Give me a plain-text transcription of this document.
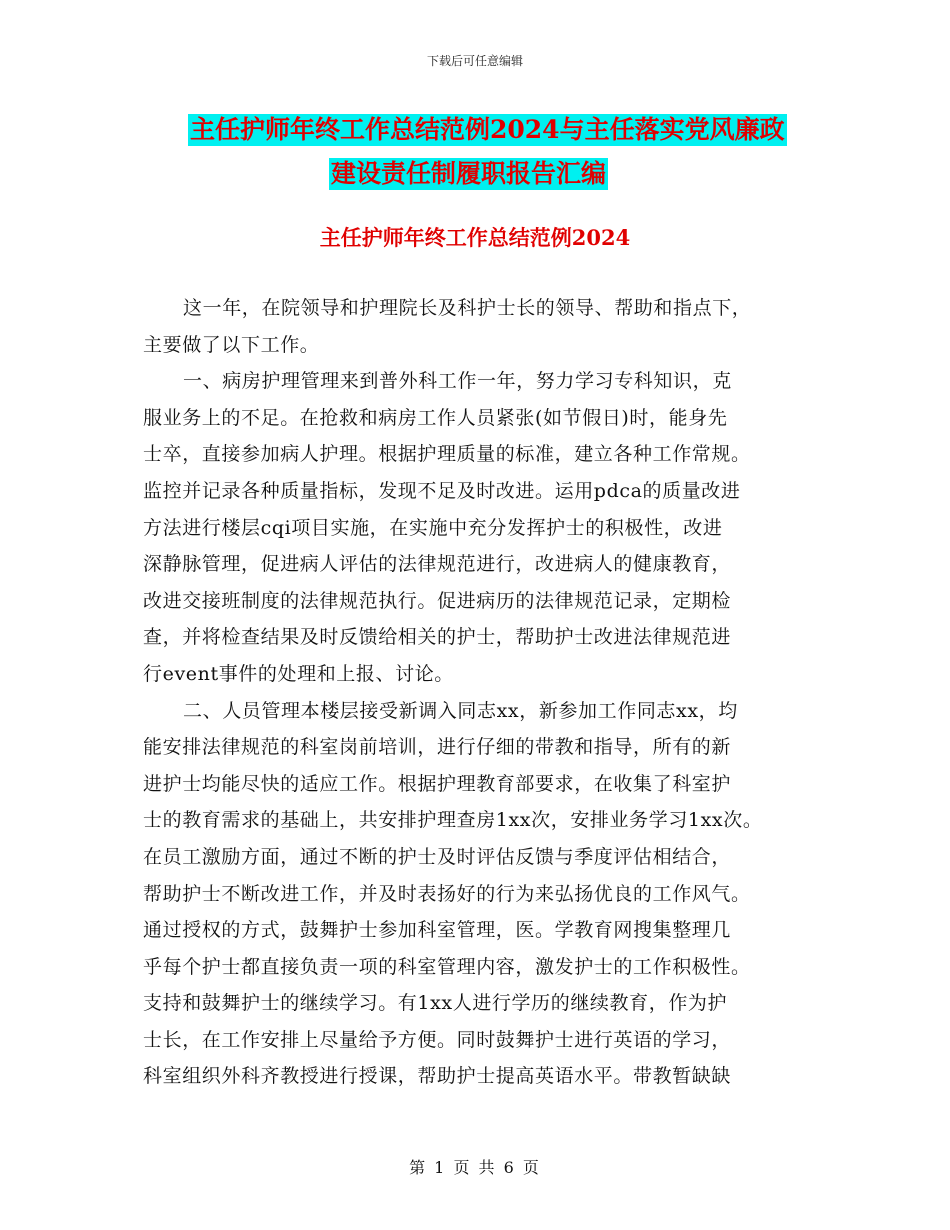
下载后可任意编辑
主任护师年终工作总结范例2024与主任落实党风廉政
建设责任制履职报告汇编
主任护师年终工作总结范例2024
这一年，在院领导和护理院长及科护士长的领导、帮助和指点下，
主要做了以下工作。
一、病房护理管理来到普外科工作一年，努力学习专科知识，克
服业务上的不足。在抢救和病房工作人员紧张(如节假日)时，能身先
士卒，直接参加病人护理。根据护理质量的标准，建立各种工作常规。
监控并记录各种质量指标，发现不足及时改进。运用pdca的质量改进
方法进行楼层cqi项目实施，在实施中充分发挥护士的积极性，改进
深静脉管理，促进病人评估的法律规范进行，改进病人的健康教育，
改进交接班制度的法律规范执行。促进病历的法律规范记录，定期检
查，并将检查结果及时反馈给相关的护士，帮助护士改进法律规范进
行event事件的处理和上报、讨论。
二、人员管理本楼层接受新调入同志xx，新参加工作同志xx，均
能安排法律规范的科室岗前培训，进行仔细的带教和指导，所有的新
进护士均能尽快的适应工作。根据护理教育部要求，在收集了科室护
士的教育需求的基础上，共安排护理查房1xx次，安排业务学习1xx次。
在员工激励方面，通过不断的护士及时评估反馈与季度评估相结合，
帮助护士不断改进工作，并及时表扬好的行为来弘扬优良的工作风气。
通过授权的方式，鼓舞护士参加科室管理，医。学教育网搜集整理几
乎每个护士都直接负责一项的科室管理内容，激发护士的工作积极性。
支持和鼓舞护士的继续学习。有1xx人进行学历的继续教育，作为护
士长，在工作安排上尽量给予方便。同时鼓舞护士进行英语的学习，
科室组织外科齐教授进行授课，帮助护士提高英语水平。带教暂缺缺
第 1 页 共 6 页
